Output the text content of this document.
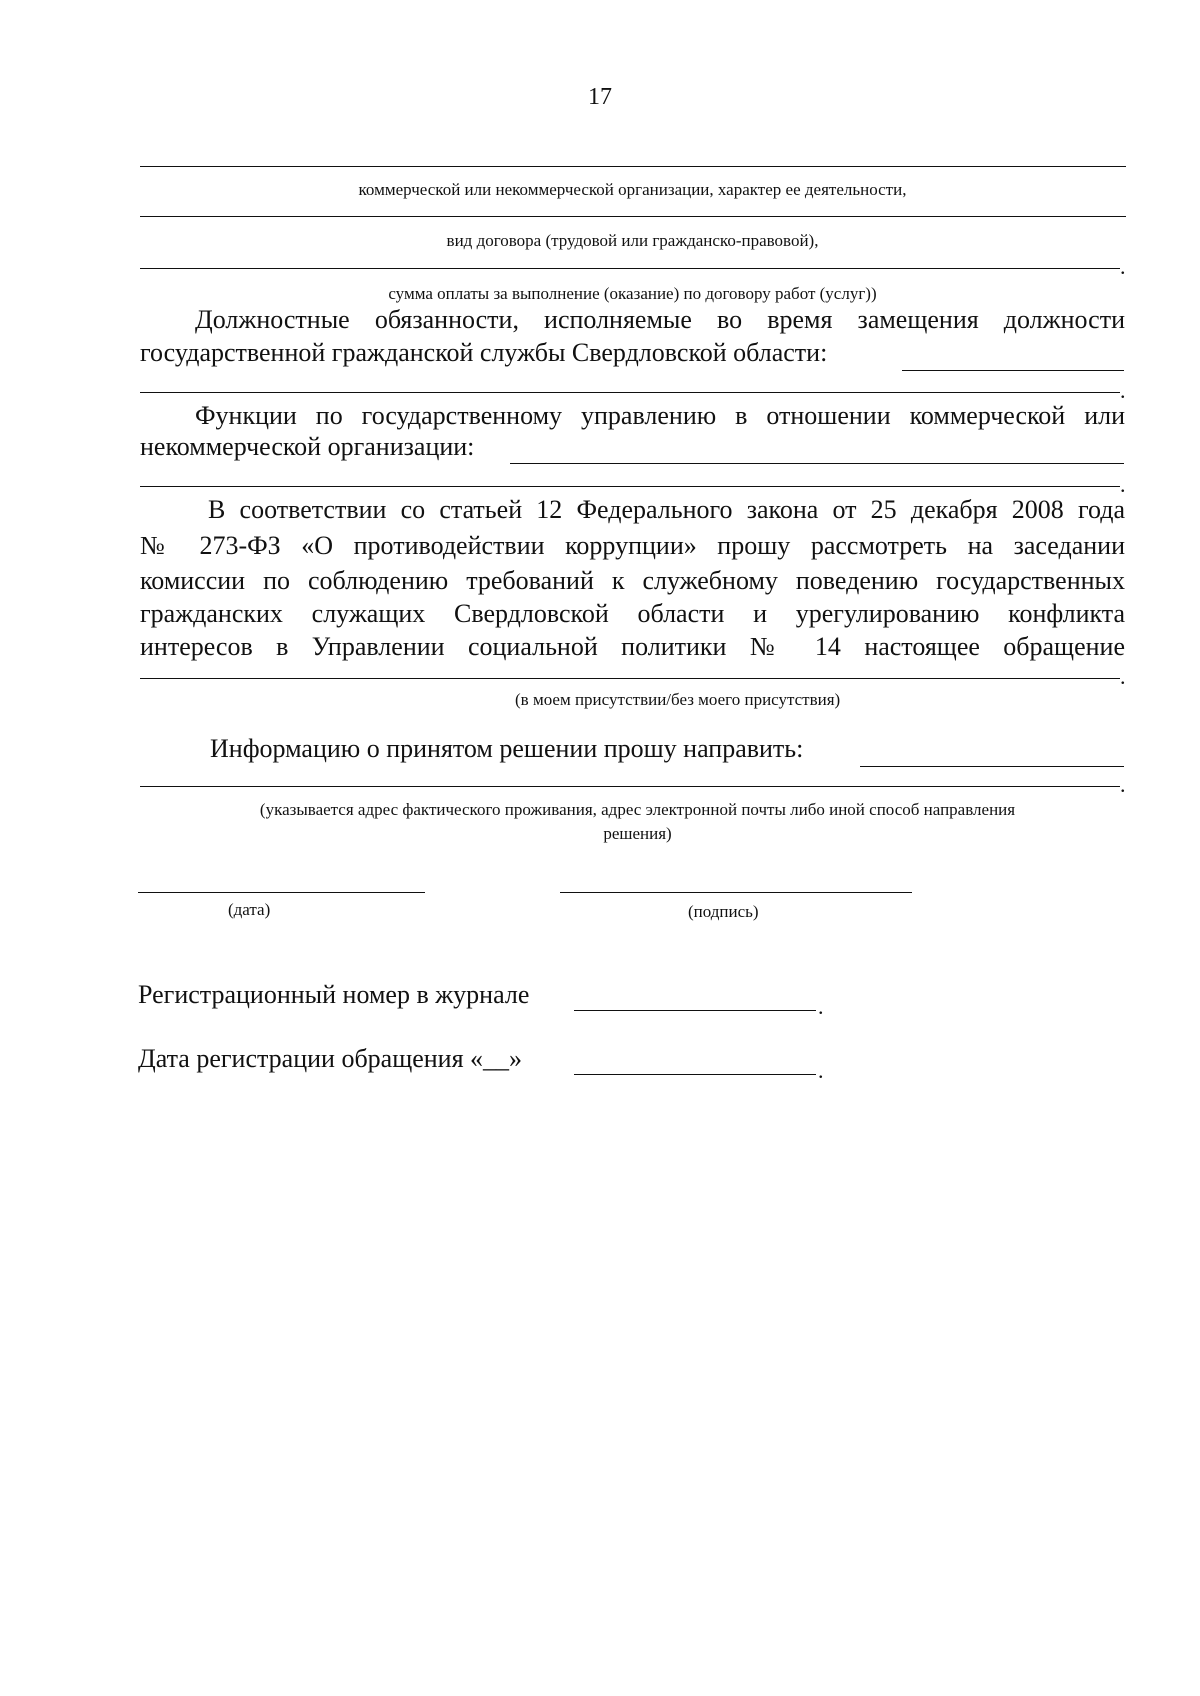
17
коммерческой или некоммерческой организации, характер ее деятельности,
вид договора (трудовой или гражданско-правовой),
.
сумма оплаты за выполнение (оказание) по договору работ (услуг))
Должностные обязанности, исполняемые во время замещения должности
государственной гражданской службы Свердловской области:
.
Функции по государственному управлению в отношении коммерческой или
некоммерческой организации:
.
В соответствии со статьей 12 Федерального закона от 25 декабря 2008 года
№ 273-ФЗ «О противодействии коррупции» прошу рассмотреть на заседании
комиссии по соблюдению требований к служебному поведению государственных
гражданских служащих Свердловской области и урегулированию конфликта
интересов в Управлении социальной политики № 14 настоящее обращение
.
(в моем присутствии/без моего присутствия)
Информацию о принятом решении прошу направить:
.
(указывается адрес фактического проживания, адрес электронной почты либо иной способ направления
решения)
(дата)	(подпись)
Регистрационный номер в журнале	.
Дата регистрации обращения «__»	.
